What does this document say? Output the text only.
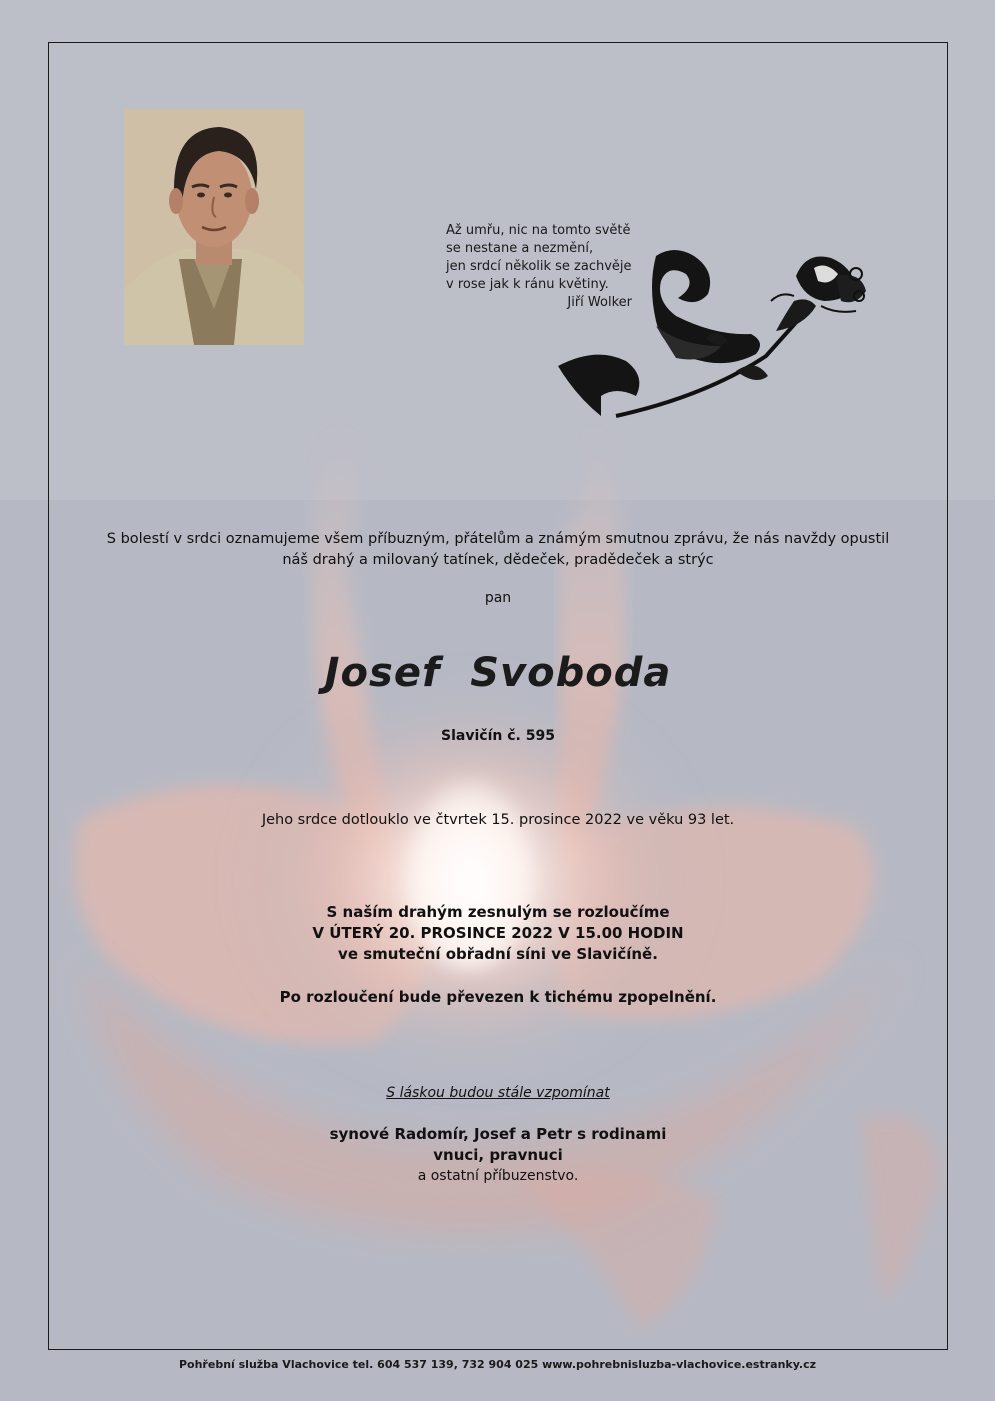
Až umřu, nic na tomto světě
se nestane a nezmění,
jen srdcí několik se zachvěje
v rose jak k ránu květiny.
Jiří Wolker
S bolestí v srdci oznamujeme všem příbuzným, přátelům a známým smutnou zprávu, že nás navždy opustil
náš drahý a milovaný tatínek, dědeček, pradědeček a strýc
pan
Josef  Svoboda
Slavičín č. 595
Jeho srdce dotlouklo ve čtvrtek 15. prosince 2022 ve věku 93 let.
S naším drahým zesnulým se rozloučíme
V ÚTERÝ 20. PROSINCE 2022 V 15.00 HODIN
ve smuteční obřadní síni ve Slavičíně.
Po rozloučení bude převezen k tichému zpopelnění.
S láskou budou stále vzpomínat
synové Radomír, Josef a Petr s rodinami
vnuci, pravnuci
a ostatní příbuzenstvo.
Pohřební služba Vlachovice tel. 604 537 139, 732 904 025 www.pohrebnisluzba-vlachovice.estranky.cz
